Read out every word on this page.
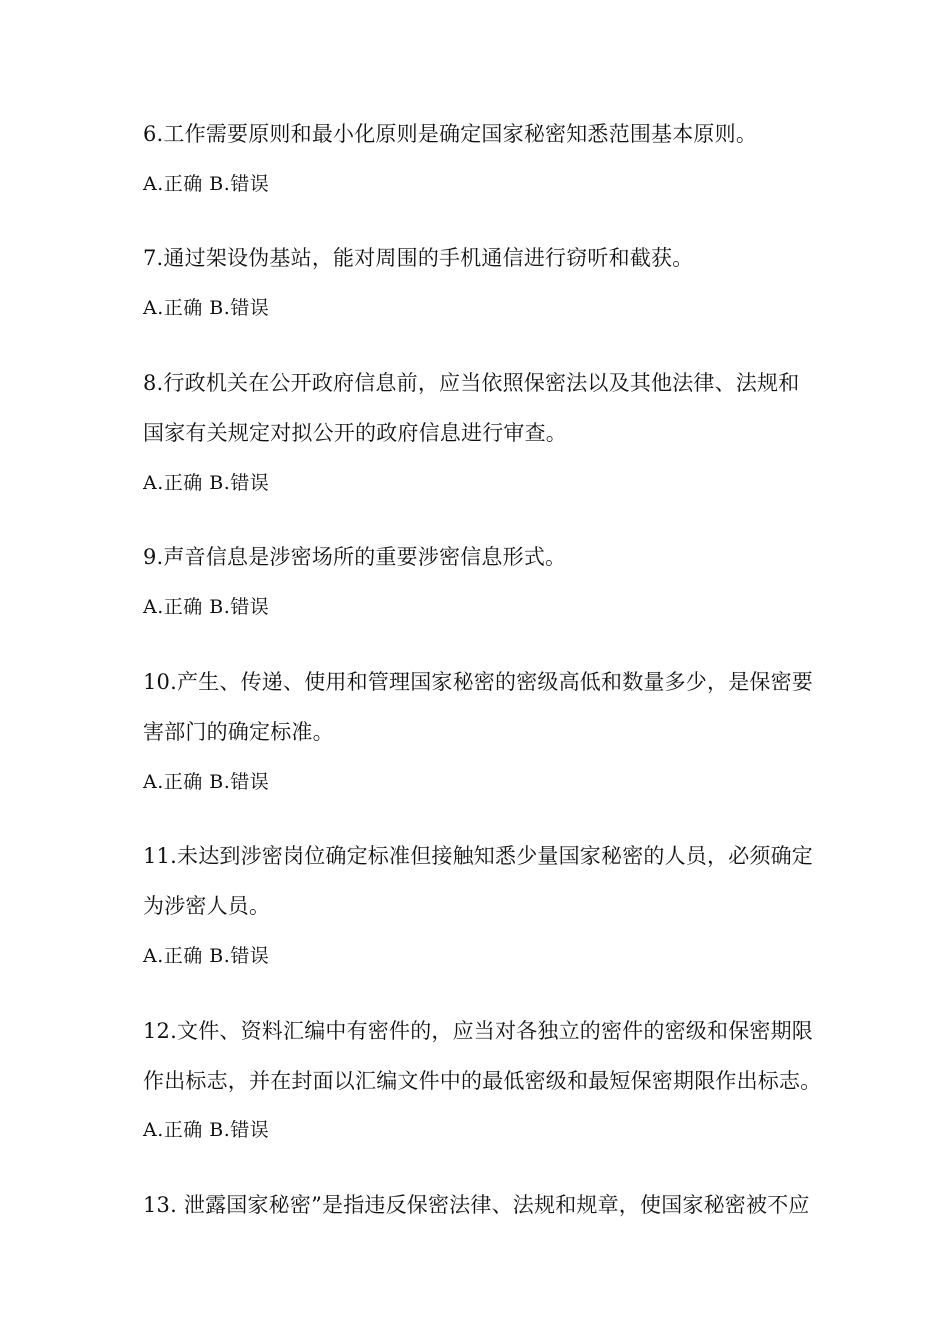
6.工作需要原则和最小化原则是确定国家秘密知悉范围基本原则。
A.正确 B.错误
7.通过架设伪基站，能对周围的手机通信进行窃听和截获。
A.正确 B.错误
8.行政机关在公开政府信息前，应当依照保密法以及其他法律、法规和
国家有关规定对拟公开的政府信息进行审查。
A.正确 B.错误
9.声音信息是涉密场所的重要涉密信息形式。
A.正确 B.错误
10.产生、传递、使用和管理国家秘密的密级高低和数量多少，是保密要
害部门的确定标准。
A.正确 B.错误
11.未达到涉密岗位确定标准但接触知悉少量国家秘密的人员，必须确定
为涉密人员。
A.正确 B.错误
12.文件、资料汇编中有密件的，应当对各独立的密件的密级和保密期限
作出标志，并在封面以汇编文件中的最低密级和最短保密期限作出标志。
A.正确 B.错误
13. 泄露国家秘密”是指违反保密法律、法规和规章，使国家秘密被不应
